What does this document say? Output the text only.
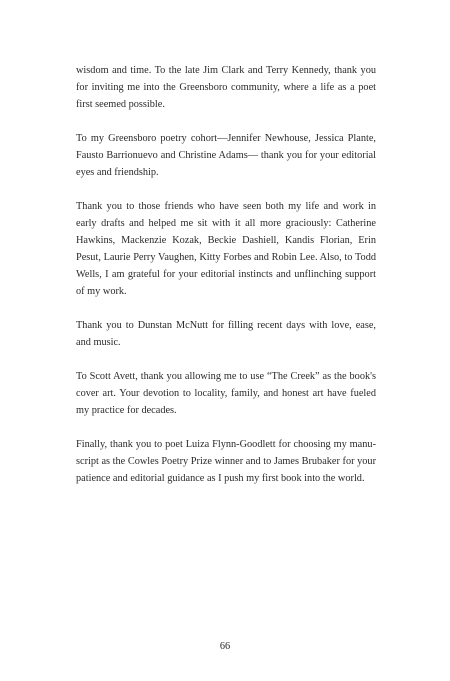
wisdom and time. To the late Jim Clark and Terry Kennedy, thank you for inviting me into the Greensboro community, where a life as a poet first seemed possible.

To my Greensboro poetry cohort—Jennifer Newhouse, Jessica Plante, Fausto Barrionuevo and Christine Adams— thank you for your editorial eyes and friendship.

Thank you to those friends who have seen both my life and work in early drafts and helped me sit with it all more graciously: Catherine Hawkins, Mackenzie Kozak, Beckie Dashiell, Kandis Florian, Erin Pesut, Laurie Perry Vaughen, Kitty Forbes and Robin Lee. Also, to Todd Wells, I am grateful for your editorial instincts and unflinching support of my work.

Thank you to Dunstan McNutt for filling recent days with love, ease, and music.

To Scott Avett, thank you allowing me to use “The Creek” as the book's cover art. Your devotion to locality, family, and honest art have fueled my practice for decades.

Finally, thank you to poet Luiza Flynn-Goodlett for choosing my manuscript as the Cowles Poetry Prize winner and to James Brubaker for your patience and editorial guidance as I push my first book into the world.

66
